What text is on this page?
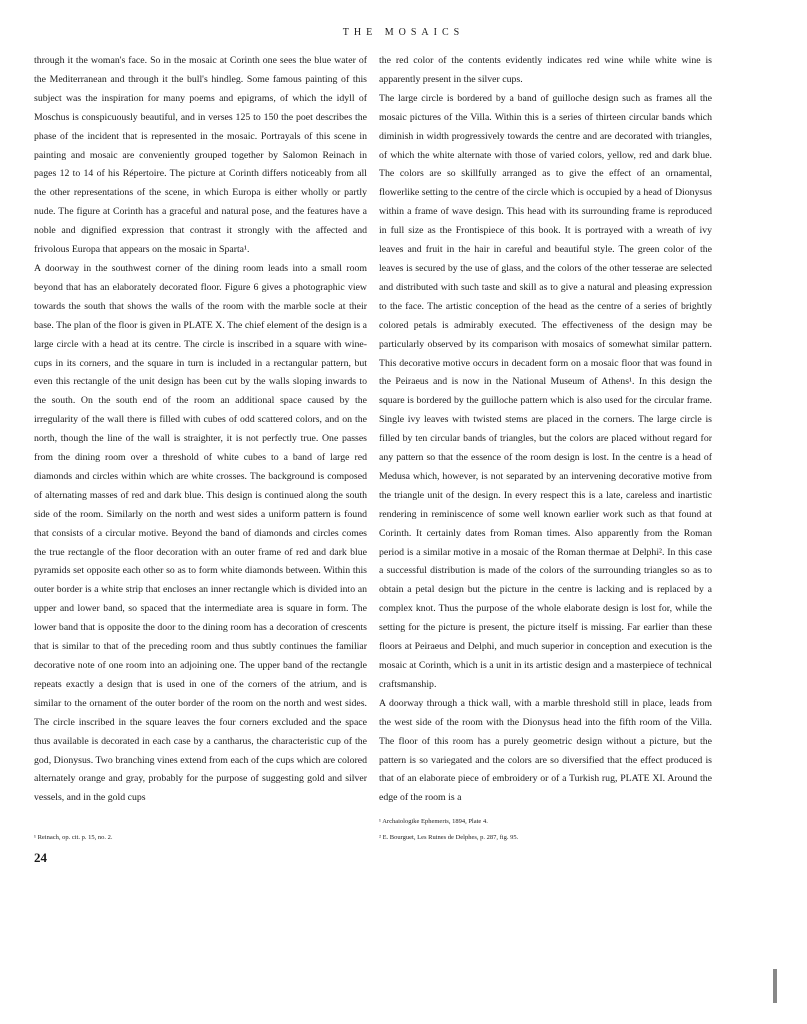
THE MOSAICS

through it the woman's face. So in the mosaic at Corinth one sees the blue water of the Mediterranean and through it the bull's hindleg. Some famous painting of this subject was the inspiration for many poems and epigrams, of which the idyll of Moschus is conspicuously beautiful, and in verses 125 to 150 the poet describes the phase of the incident that is represented in the mosaic. Portrayals of this scene in painting and mosaic are conveniently grouped together by Salomon Reinach in pages 12 to 14 of his Répertoire. The picture at Corinth differs noticeably from all the other representations of the scene, in which Europa is either wholly or partly nude. The figure at Corinth has a graceful and natural pose, and the features have a noble and dignified expression that contrast it strongly with the affected and frivolous Europa that appears on the mosaic in Sparta¹.

A doorway in the southwest corner of the dining room leads into a small room beyond that has an elaborately decorated floor. Figure 6 gives a photographic view towards the south that shows the walls of the room with the marble socle at their base. The plan of the floor is given in PLATE X. The chief element of the design is a large circle with a head at its centre. The circle is inscribed in a square with wine-cups in its corners, and the square in turn is included in a rectangular pattern, but even this rectangle of the unit design has been cut by the walls sloping inwards to the south. On the south end of the room an additional space caused by the irregularity of the wall there is filled with cubes of odd scattered colors, and on the north, though the line of the wall is straighter, it is not perfectly true. One passes from the dining room over a threshold of white cubes to a band of large red diamonds and circles within which are white crosses. The background is composed of alternating masses of red and dark blue. This design is continued along the south side of the room. Similarly on the north and west sides a uniform pattern is found that consists of a circular motive. Beyond the band of diamonds and circles comes the true rectangle of the floor decoration with an outer frame of red and dark blue pyramids set opposite each other so as to form white diamonds between. Within this outer border is a white strip that encloses an inner rectangle which is divided into an upper and lower band, so spaced that the intermediate area is square in form. The lower band that is opposite the door to the dining room has a decoration of crescents that is similar to that of the preceding room and thus subtly continues the familiar decorative note of one room into an adjoining one. The upper band of the rectangle repeats exactly a design that is used in one of the corners of the atrium, and is similar to the ornament of the outer border of the room on the north and west sides. The circle inscribed in the square leaves the four corners excluded and the space thus available is decorated in each case by a cantharus, the characteristic cup of the god, Dionysus. Two branching vines extend from each of the cups which are colored alternately orange and gray, probably for the purpose of suggesting gold and silver vessels, and in the gold cups

the red color of the contents evidently indicates red wine while white wine is apparently present in the silver cups.

The large circle is bordered by a band of guilloche design such as frames all the mosaic pictures of the Villa. Within this is a series of thirteen circular bands which diminish in width progressively towards the centre and are decorated with triangles, of which the white alternate with those of varied colors, yellow, red and dark blue. The colors are so skillfully arranged as to give the effect of an ornamental, flowerlike setting to the centre of the circle which is occupied by a head of Dionysus within a frame of wave design. This head with its surrounding frame is reproduced in full size as the Frontispiece of this book. It is portrayed with a wreath of ivy leaves and fruit in the hair in careful and beautiful style. The green color of the leaves is secured by the use of glass, and the colors of the other tesserae are selected and distributed with such taste and skill as to give a natural and pleasing expression to the face. The artistic conception of the head as the centre of a series of brightly colored petals is admirably executed. The effectiveness of the design may be particularly observed by its comparison with mosaics of somewhat similar pattern. This decorative motive occurs in decadent form on a mosaic floor that was found in the Peiraeus and is now in the National Museum of Athens¹. In this design the square is bordered by the guilloche pattern which is also used for the circular frame. Single ivy leaves with twisted stems are placed in the corners. The large circle is filled by ten circular bands of triangles, but the colors are placed without regard for any pattern so that the essence of the room design is lost. In the centre is a head of Medusa which, however, is not separated by an intervening decorative motive from the triangle unit of the design. In every respect this is a late, careless and inartistic rendering in reminiscence of some well known earlier work such as that found at Corinth. It certainly dates from Roman times. Also apparently from the Roman period is a similar motive in a mosaic of the Roman thermae at Delphi². In this case a successful distribution is made of the colors of the surrounding triangles so as to obtain a petal design but the picture in the centre is lacking and is replaced by a complex knot. Thus the purpose of the whole elaborate design is lost for, while the setting for the picture is present, the picture itself is missing. Far earlier than these floors at Peiraeus and Delphi, and much superior in conception and execution is the mosaic at Corinth, which is a unit in its artistic design and a masterpiece of technical craftsmanship.

A doorway through a thick wall, with a marble threshold still in place, leads from the west side of the room with the Dionysus head into the fifth room of the Villa. The floor of this room has a purely geometric design without a picture, but the pattern is so variegated and the colors are so diversified that the effect produced is that of an elaborate piece of embroidery or of a Turkish rug, PLATE XI. Around the edge of the room is a

¹ Reinach, op. cit. p. 15, no. 2.

¹ Archaiologike Ephemeris, 1894, Plate 4.

² E. Bourguet, Les Ruines de Delphes, p. 287, fig. 95.

24
